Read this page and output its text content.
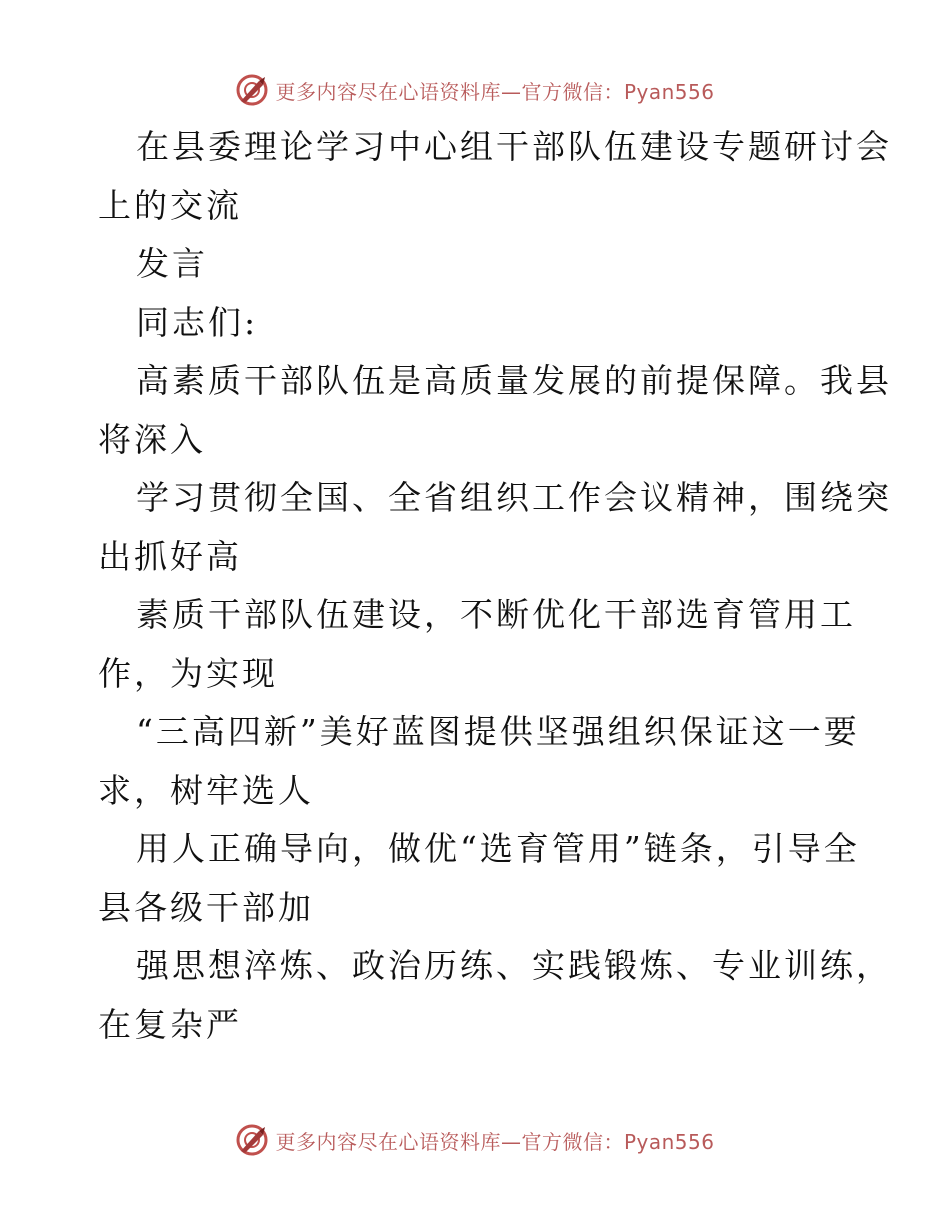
更多内容尽在心语资料库—官方微信：Pyan556
在县委理论学习中心组干部队伍建设专题研讨会
上的交流
发言
同志们:
高素质干部队伍是高质量发展的前提保障。我县
将深入
学习贯彻全国、全省组织工作会议精神，围绕突
出抓好高
素质干部队伍建设，不断优化干部选育管用工
作，为实现
“三高四新”美好蓝图提供坚强组织保证这一要
求，树牢选人
用人正确导向，做优“选育管用”链条，引导全
县各级干部加
强思想淬炼、政治历练、实践锻炼、专业训练，
在复杂严
更多内容尽在心语资料库—官方微信：Pyan556
